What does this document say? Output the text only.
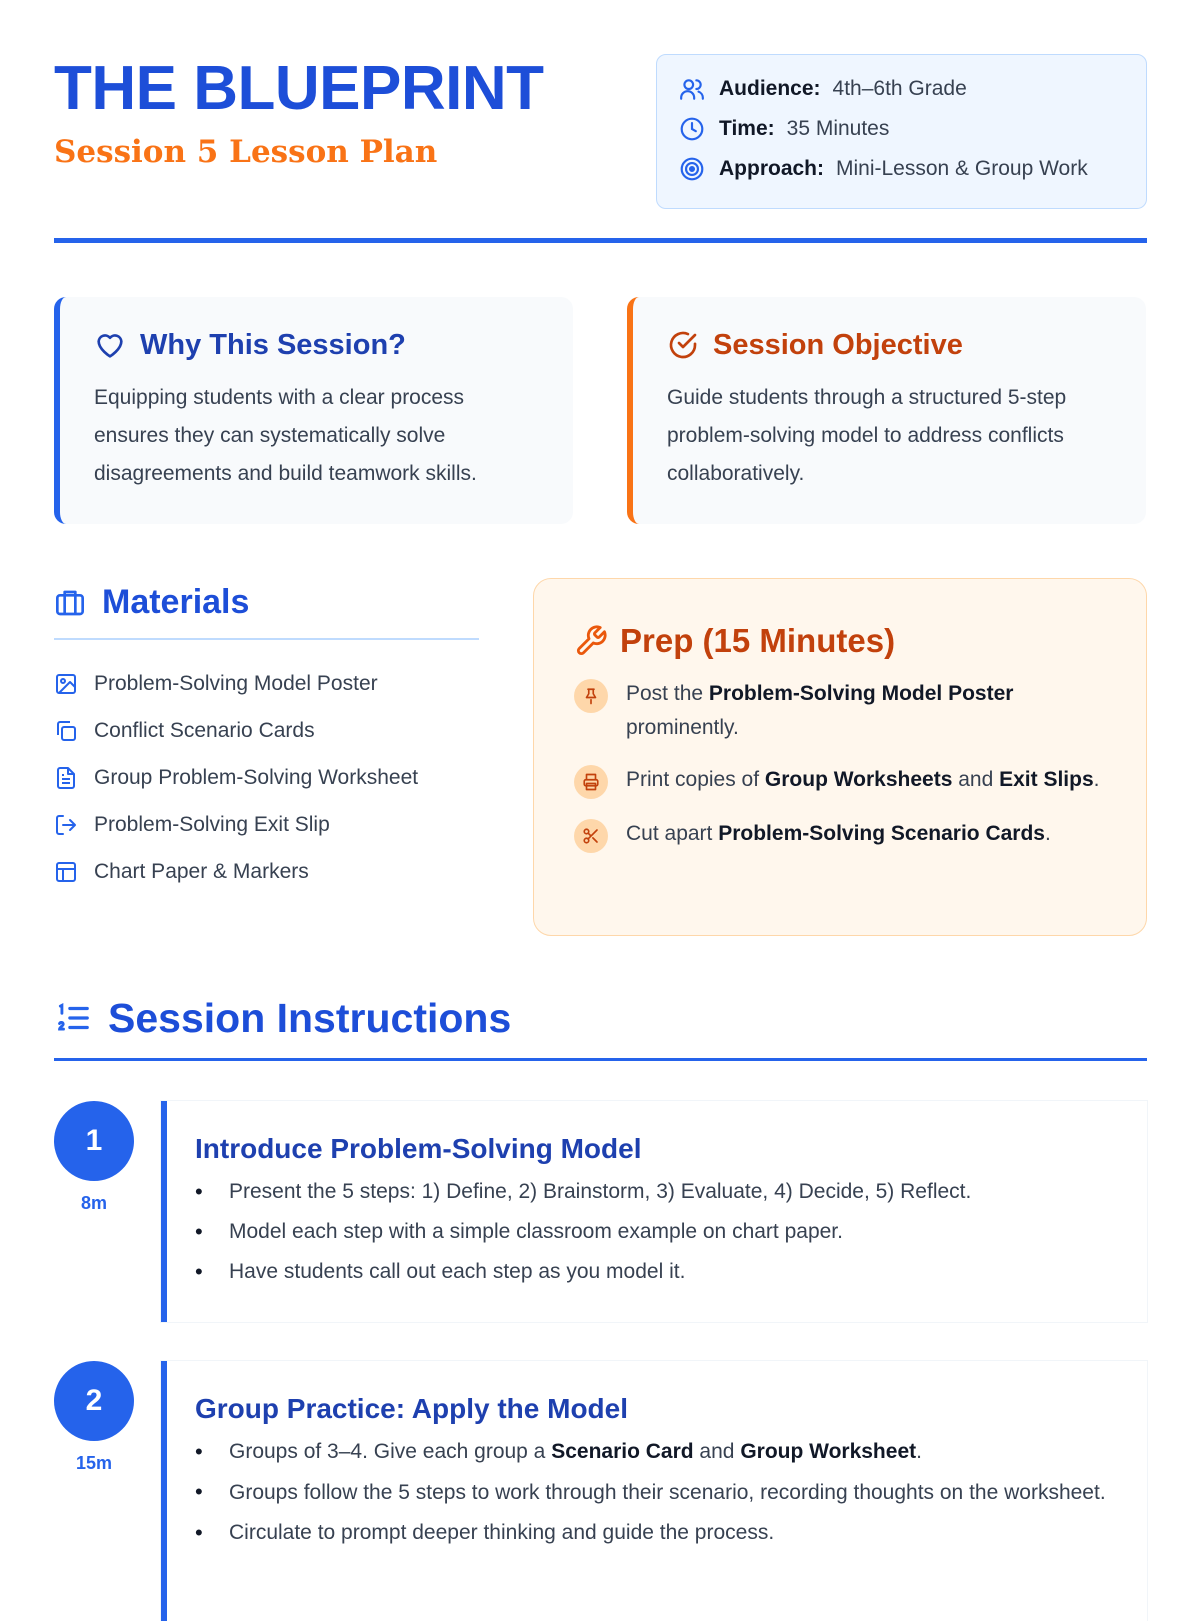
THE BLUEPRINT
Session 5 Lesson Plan
Audience: 4th–6th Grade
Time: 35 Minutes
Approach: Mini-Lesson & Group Work
Why This Session?
Equipping students with a clear process ensures they can systematically solve disagreements and build teamwork skills.
Session Objective
Guide students through a structured 5-step problem-solving model to address conflicts collaboratively.
Materials
Problem-Solving Model Poster
Conflict Scenario Cards
Group Problem-Solving Worksheet
Problem-Solving Exit Slip
Chart Paper & Markers
Prep (15 Minutes)
Post the Problem-Solving Model Poster prominently.
Print copies of Group Worksheets and Exit Slips.
Cut apart Problem-Solving Scenario Cards.
Session Instructions
1
8m
Introduce Problem-Solving Model
• Present the 5 steps: 1) Define, 2) Brainstorm, 3) Evaluate, 4) Decide, 5) Reflect.
• Model each step with a simple classroom example on chart paper.
• Have students call out each step as you model it.
2
15m
Group Practice: Apply the Model
• Groups of 3–4. Give each group a Scenario Card and Group Worksheet.
• Groups follow the 5 steps to work through their scenario, recording thoughts on the worksheet.
• Circulate to prompt deeper thinking and guide the process.
